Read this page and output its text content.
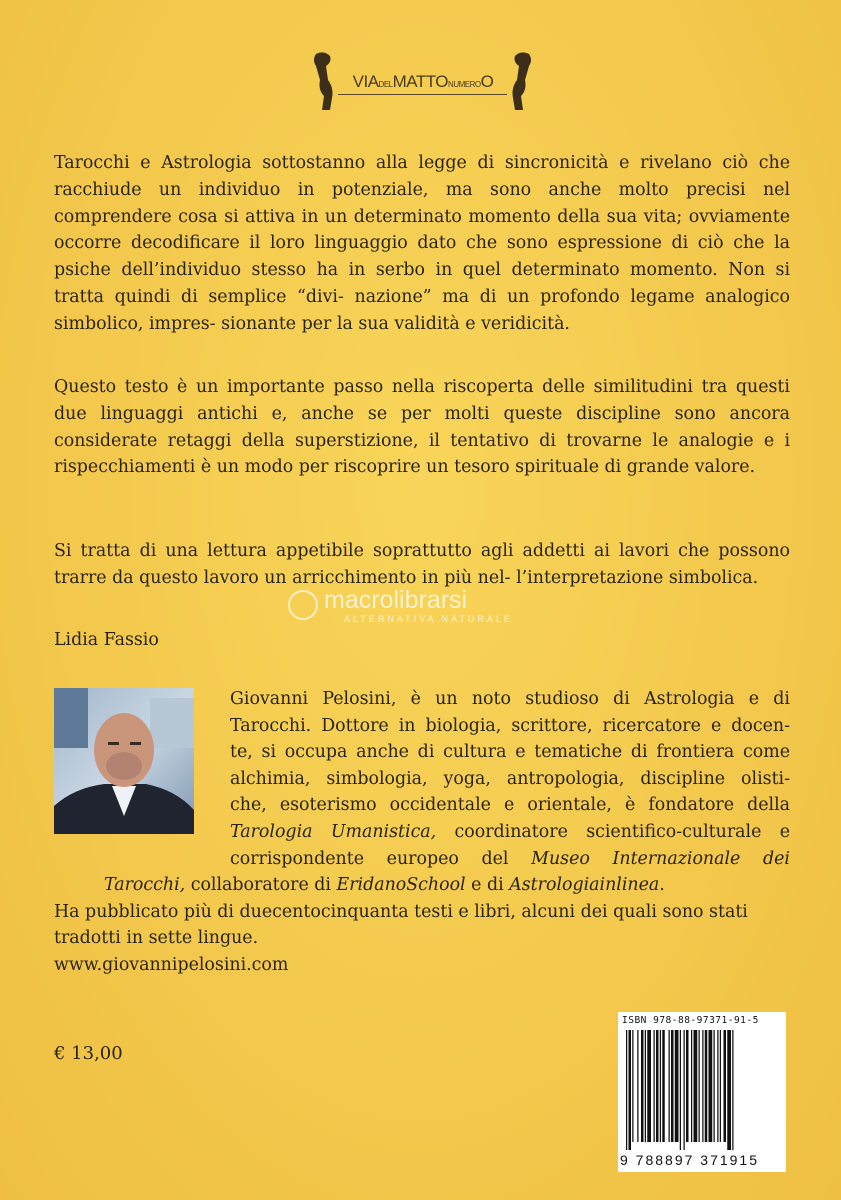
VIADELMATTONUMEROO

Tarocchi e Astrologia sottostanno alla legge di sincronicità e rivelano ciò che racchiude un individuo in potenziale, ma sono anche molto precisi nel comprendere cosa si attiva in un determinato momento della sua vita; ovviamente occorre decodificare il loro linguaggio dato che sono espressione di ciò che la psiche dell’individuo stesso ha in serbo in quel determinato momento. Non si tratta quindi di semplice “divi- nazione” ma di un profondo legame analogico simbolico, impres- sionante per la sua validità e veridicità.

Questo testo è un importante passo nella riscoperta delle similitudini tra questi due linguaggi antichi e, anche se per molti queste discipline sono ancora considerate retaggi della superstizione, il tentativo di trovarne le analogie e i rispecchiamenti è un modo per riscoprire un tesoro spirituale di grande valore.

Si tratta di una lettura appetibile soprattutto agli addetti ai lavori che possono trarre da questo lavoro un arricchimento in più nel- l’interpretazione simbolica.

Lidia Fassio
macrolibrarsi
ALTERNATIVA NATURALE
Giovanni Pelosini, è un noto studioso di Astrologia e di
Tarocchi. Dottore in biologia, scrittore, ricercatore e docen-
te, si occupa anche di cultura e tematiche di frontiera come
alchimia, simbologia, yoga, antropologia, discipline olisti-
che, esoterismo occidentale e orientale, è fondatore della
Tarologia Umanistica, coordinatore scientifico-culturale e
corrispondente europeo del Museo Internazionale dei
Tarocchi, collaboratore di EridanoSchool e di Astrologiainlinea.
Ha pubblicato più di duecentocinquanta testi e libri, alcuni dei quali sono stati
tradotti in sette lingue.
www.giovannipelosini.com
€ 13,00
ISBN 978-88-97371-91-5
9 788897 371915
